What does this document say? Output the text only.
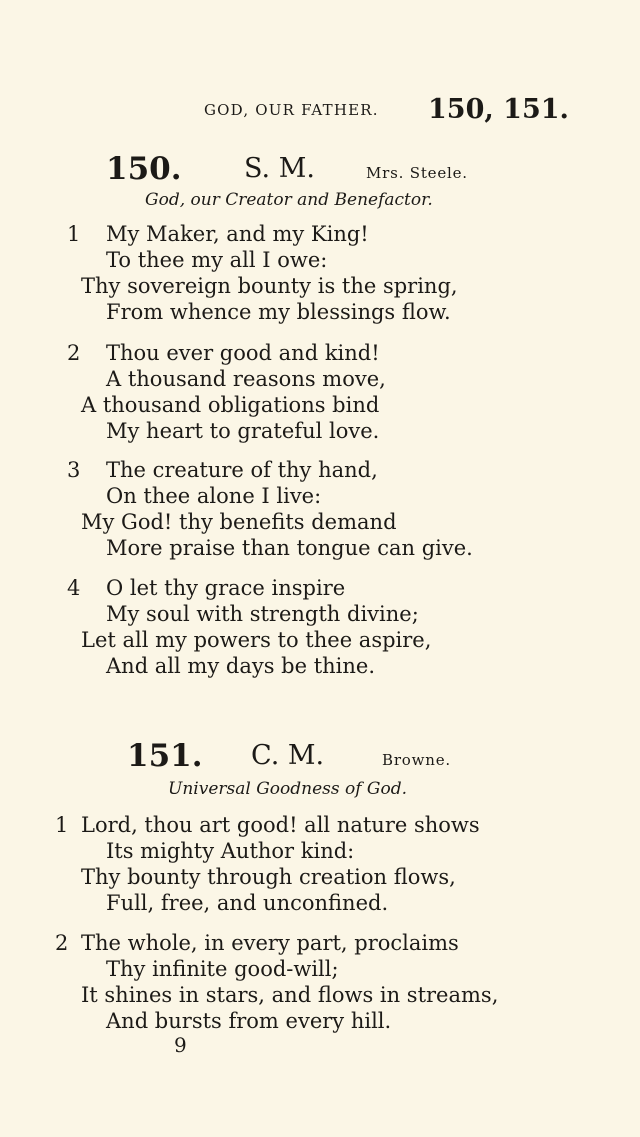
GOD, OUR FATHER. 150, 151.
150. S. M.	Mrs. Steele.
God, our Creator and Benefactor.
1 My Maker, and my King!
To thee my all I owe:
Thy sovereign bounty is the spring,
From whence my blessings flow.
2 Thou ever good and kind!
A thousand reasons move,
A thousand obligations bind
My heart to grateful love.
3 The creature of thy hand,
On thee alone I live:
My God! thy benefits demand
More praise than tongue can give.
4 O let thy grace inspire
My soul with strength divine;
Let all my powers to thee aspire,
And all my days be thine.
151. C. M.	Browne.
Universal Goodness of God.
1 Lord, thou art good! all nature shows
Its mighty Author kind:
Thy bounty through creation flows,
Full, free, and unconfined.
2 The whole, in every part, proclaims
Thy infinite good-will;
It shines in stars, and flows in streams,
And bursts from every hill.
9
